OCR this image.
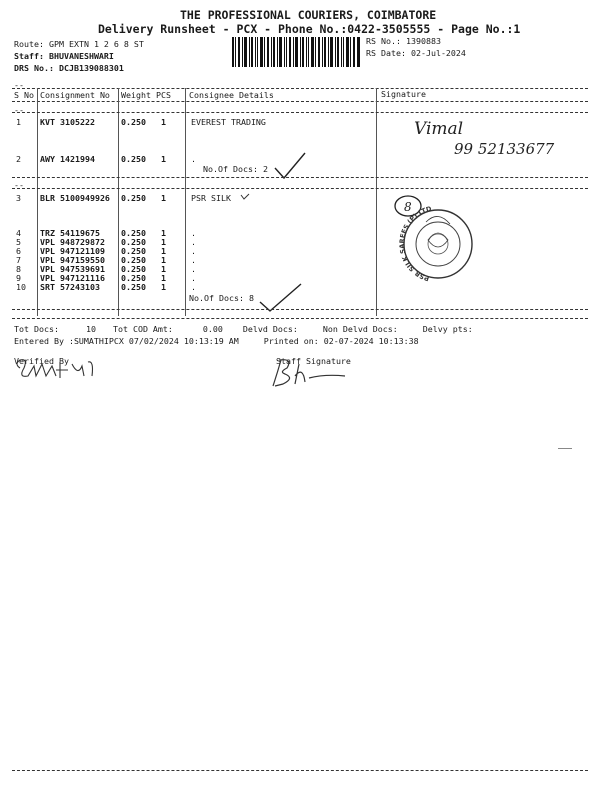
THE PROFESSIONAL COURIERS, COIMBATORE
Delivery Runsheet - PCX - Phone No.:0422-3505555 - Page No.:1
Route: GPM EXTN 1 2 6 8 ST
Staff: BHUVANESHWARI
DRS No.: DCJB139088301
RS No.: 1390883
RS Date: 02-Jul-2024
--
S No Consignment No Weight PCS Consignee Details	Signature
--
1 KVT 3105222	0.250 1	EVEREST TRADING
2 AWY 1421994	0.250 1	.
No.Of Docs: 2
--
3 BLR 5100949926 0.250 1	PSR SILK
4 TRZ 54119675	0.250 1	.
5 VPL 948729872 0.250 1	.
6 VPL 947121109 0.250 1	.
7 VPL 947159550 0.250 1	.
8 VPL 947539691 0.250 1	.
9 VPL 947121116 0.250 1	.
10 SRT 57243103	0.250 1	.
No.Of Docs: 8
Vimal
99 52133677
8
PSR SILK SAREES (P) LTD
Tot Docs:	10 Tot COD Amt:	0.00 Delvd Docs:	Non Delvd Docs:	Delvy pts:
Entered By :SUMATHIPCX 07/02/2024 10:13:19 AM	Printed on: 02-07-2024 10:13:38
Verified By	Staff Signature
